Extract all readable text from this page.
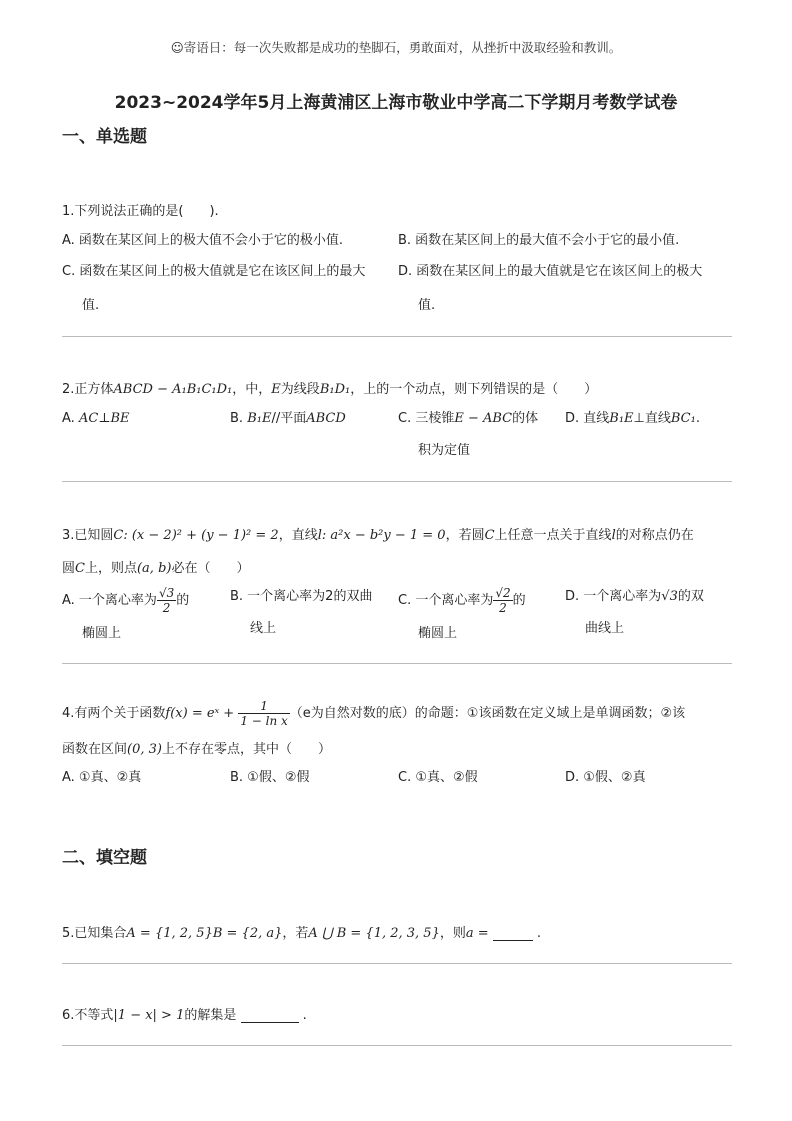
☺寄语日：每一次失败都是成功的垫脚石，勇敢面对，从挫折中汲取经验和教训。
2023~2024学年5月上海黄浦区上海市敬业中学高二下学期月考数学试卷
一、单选题
1.下列说法正确的是(　　).
A. 函数在某区间上的极大值不会小于它的极小值.	B. 函数在某区间上的最大值不会小于它的最小值.
C. 函数在某区间上的极大值就是它在该区间上的最大
值.
D. 函数在某区间上的最大值就是它在该区间上的极大
值.
2.正方体ABCD − A₁B₁C₁D₁，中，E为线段B₁D₁，上的一个动点，则下列错误的是（　　）
A. AC⊥BE	B. B₁E//平面ABCD	C. 三棱锥E − ABC的体
积为定值
D. 直线B₁E⊥直线BC₁.
3.已知圆C: (x − 2)² + (y − 1)² = 2，直线l: a²x − b²y − 1 = 0，若圆C上任意一点关于直线l的对称点仍在
圆C上，则点(a, b)必在（　　）
A. 一个离心率为 $\frac{√3}{2}$ 的
椭圆上
B. 一个离心率为2的双曲
线上
C. 一个离心率为 $\frac{√2}{2}$ 的
椭圆上
D. 一个离心率为√3的双
曲线上
4.有两个关于函数f(x) = eˣ + $\frac{1}{\text{1 − ln x}} (e$为自然对数的底）的命题：①该函数在定义域上是单调函数；②该
函数在区间(0, 3)上不存在零点，其中（　　）
A. ①真、②真	B. ①假、②假	C. ①真、②假	D. ①假、②真
二、填空题
5.已知集合A = {1, 2, 5}B = {2, a}，若A ⋃ B = {1, 2, 3, 5}，则a =	.
6.不等式|1 − x| > 1的解集是	.
